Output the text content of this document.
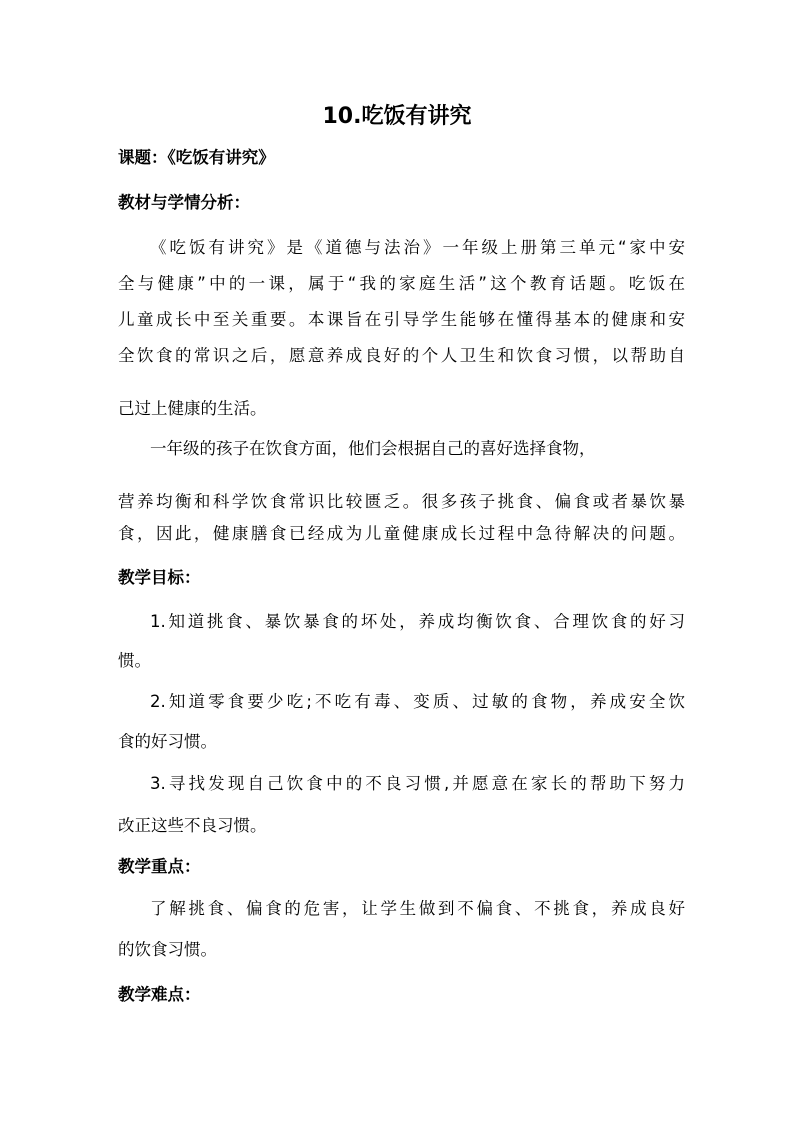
10.吃饭有讲究
课题：《吃饭有讲究》
教材与学情分析：
《吃饭有讲究》是《道德与法治》一年级上册第三单元“家中安
全与健康”中的一课，属于“我的家庭生活”这个教育话题。吃饭在
儿童成长中至关重要。本课旨在引导学生能够在懂得基本的健康和安
全饮食的常识之后，愿意养成良好的个人卫生和饮食习惯，以帮助自
己过上健康的生活。
一年级的孩子在饮食方面，他们会根据自己的喜好选择食物，
营养均衡和科学饮食常识比较匮乏。很多孩子挑食、偏食或者暴饮暴
食，因此，健康膳食已经成为儿童健康成长过程中急待解决的问题。
教学目标：
1.知道挑食、暴饮暴食的坏处，养成均衡饮食、合理饮食的好习
惯。
2.知道零食要少吃;不吃有毒、变质、过敏的食物，养成安全饮
食的好习惯。
3.寻找发现自己饮食中的不良习惯,并愿意在家长的帮助下努力
改正这些不良习惯。
教学重点：
了解挑食、偏食的危害，让学生做到不偏食、不挑食，养成良好
的饮食习惯。
教学难点：
